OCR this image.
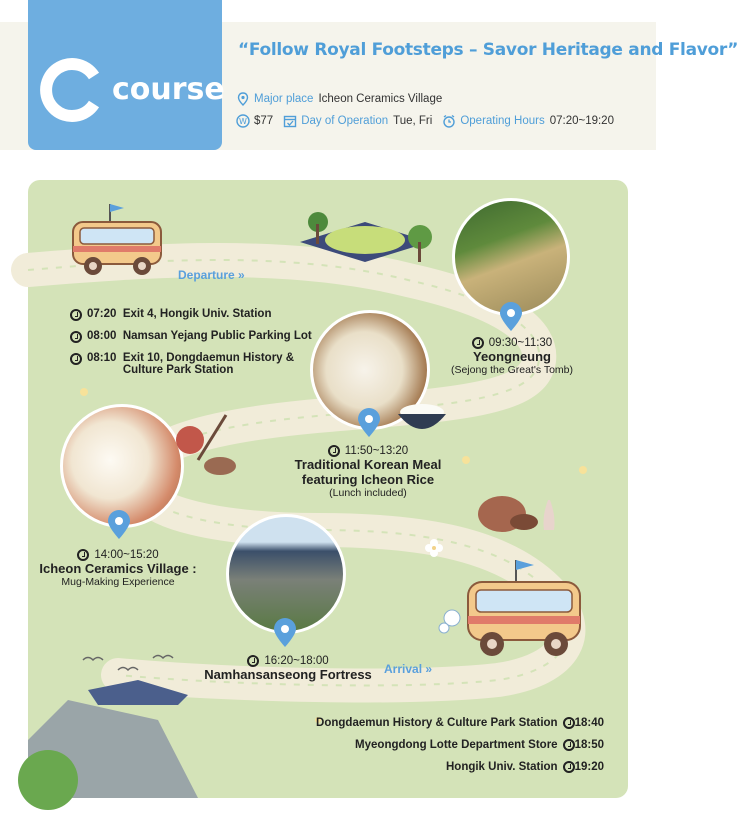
course
“Follow Royal Footsteps – Savor Heritage and Flavor”
Major place Icheon Ceramics Village
W $77 Day of Operation Tue, Fri Operating Hours 07:20~19:20
Departure »
07:20
Exit 4, Hongik Univ. Station
08:00
Namsan Yejang Public Parking Lot
08:10
Exit 10, Dongdaemun History &
Culture Park Station
09:30~11:30
Yeongneung
(Sejong the Great's Tomb)
11:50~13:20
Traditional Korean Meal
featuring Icheon Rice
(Lunch included)
14:00~15:20
Icheon Ceramics Village :
Mug-Making Experience
16:20~18:00
Namhansanseong Fortress	Arrival »
Dongdaemun History & Culture Park Station 18:40
Myeongdong Lotte Department Store 18:50
Hongik Univ. Station 19:20
